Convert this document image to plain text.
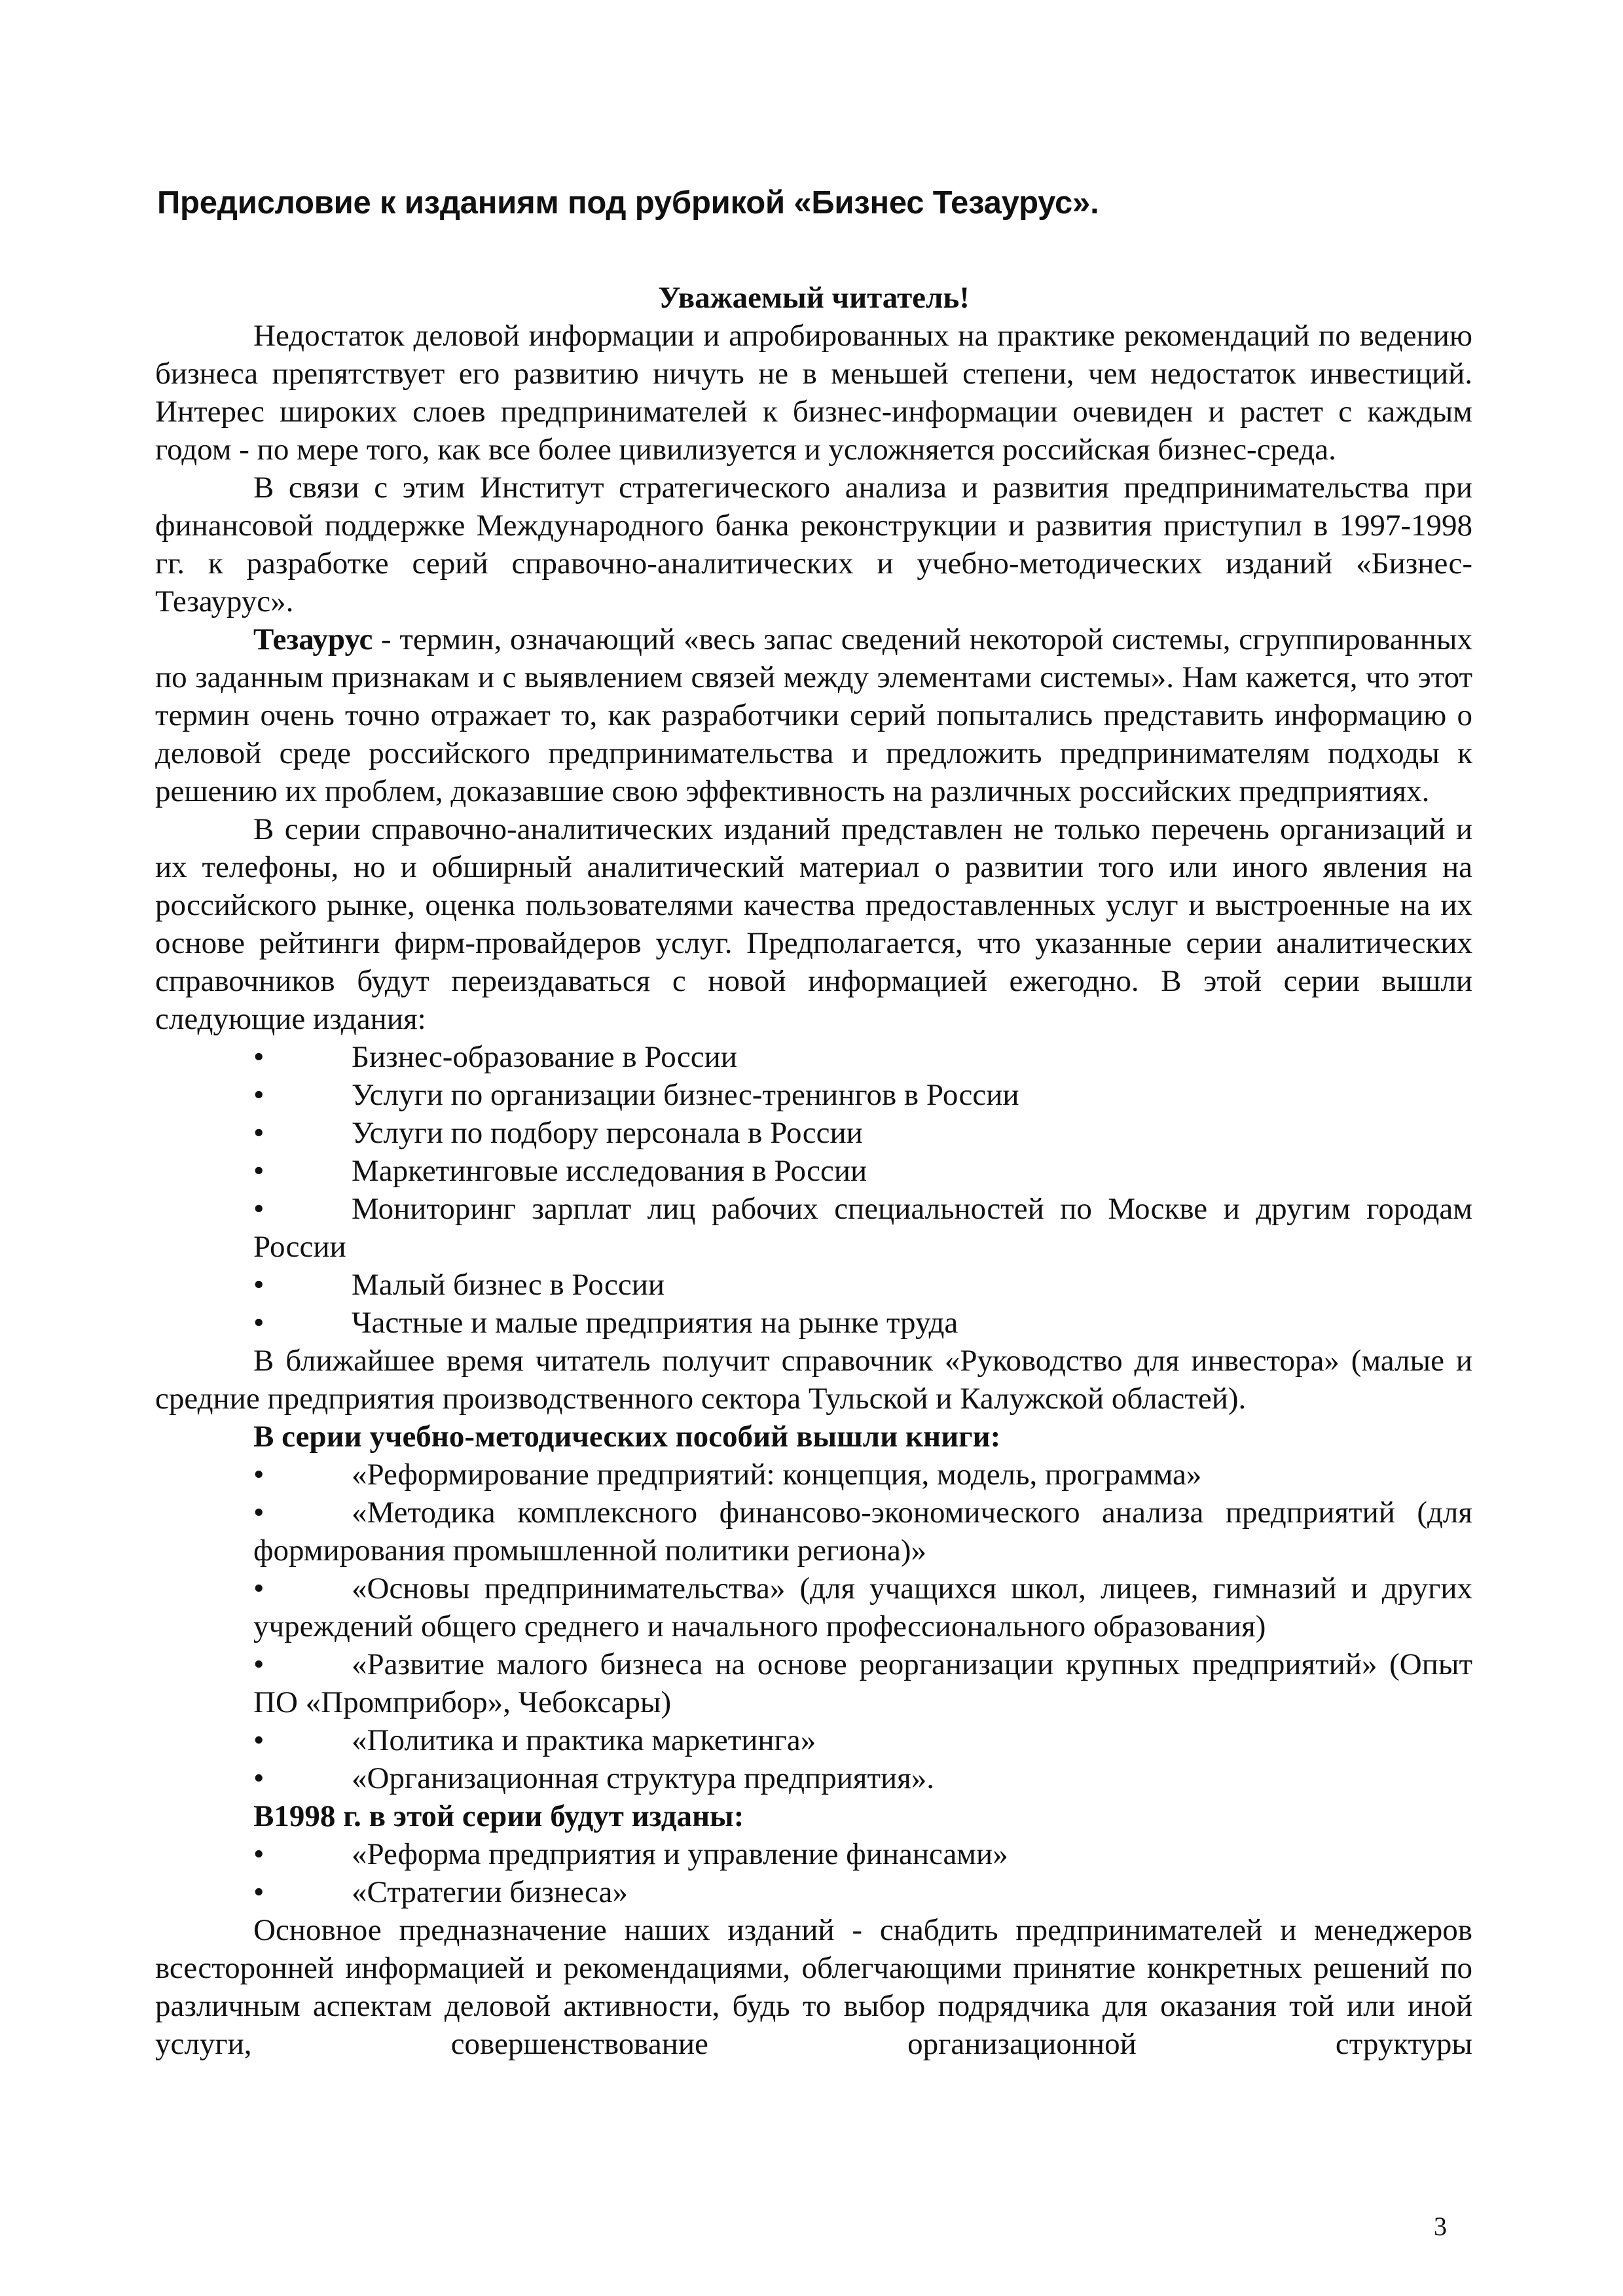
Предисловие к изданиям под рубрикой «Бизнес Тезаурус».

Уважаемый читатель!

Недостаток деловой информации и апробированных на практике рекомендаций по ведению бизнеса препятствует его развитию ничуть не в меньшей степени, чем недостаток инвестиций. Интерес широких слоев предпринимателей к бизнес-информации очевиден и растет с каждым годом - по мере того, как все более цивилизуется и усложняется российская бизнес-среда.

В связи с этим Институт стратегического анализа и развития предпринимательства при финансовой поддержке Международного банка реконструкции и развития приступил в 1997-1998 гг. к разработке серий справочно-аналитических и учебно-методических изданий «Бизнес-Тезаурус».

Тезаурус - термин, означающий «весь запас сведений некоторой системы, сгруппированных по заданным признакам и с выявлением связей между элементами системы». Нам кажется, что этот термин очень точно отражает то, как разработчики серий попытались представить информацию о деловой среде российского предпринимательства и предложить предпринимателям подходы к решению их проблем, доказавшие свою эффективность на различных российских предприятиях.

В серии справочно-аналитических изданий представлен не только перечень организаций и их телефоны, но и обширный аналитический материал о развитии того или иного явления на российского рынке, оценка пользователями качества предоставленных услуг и выстроенные на их основе рейтинги фирм-провайдеров услуг. Предполагается, что указанные серии аналитических справочников будут переиздаваться с новой информацией ежегодно. В этой серии вышли следующие издания:

•	Бизнес-образование в России
•	Услуги по организации бизнес-тренингов в России
•	Услуги по подбору персонала в России
•	Маркетинговые исследования в России
•	Мониторинг зарплат лиц рабочих специальностей по Москве и другим городам России
•	Малый бизнес в России
•	Частные и малые предприятия на рынке труда

В ближайшее время читатель получит справочник «Руководство для инвестора» (малые и средние предприятия производственного сектора Тульской и Калужской областей).

В серии учебно-методических пособий вышли книги:

•	«Реформирование предприятий: концепция, модель, программа»
•	«Методика комплексного финансово-экономического анализа предприятий (для формирования промышленной политики региона)»
•	«Основы предпринимательства» (для учащихся школ, лицеев, гимназий и других учреждений общего среднего и начального профессионального образования)
•	«Развитие малого бизнеса на основе реорганизации крупных предприятий» (Опыт ПО «Промприбор», Чебоксары)
•	«Политика и практика маркетинга»
•	«Организационная структура предприятия».

В1998 г. в этой серии будут изданы:

•	«Реформа предприятия и управление финансами»
•	«Стратегии бизнеса»

Основное предназначение наших изданий - снабдить предпринимателей и менеджеров всесторонней информацией и рекомендациями, облегчающими принятие конкретных решений по различным аспектам деловой активности, будь то выбор подрядчика для оказания той или иной услуги, совершенствование организационной структуры

3
